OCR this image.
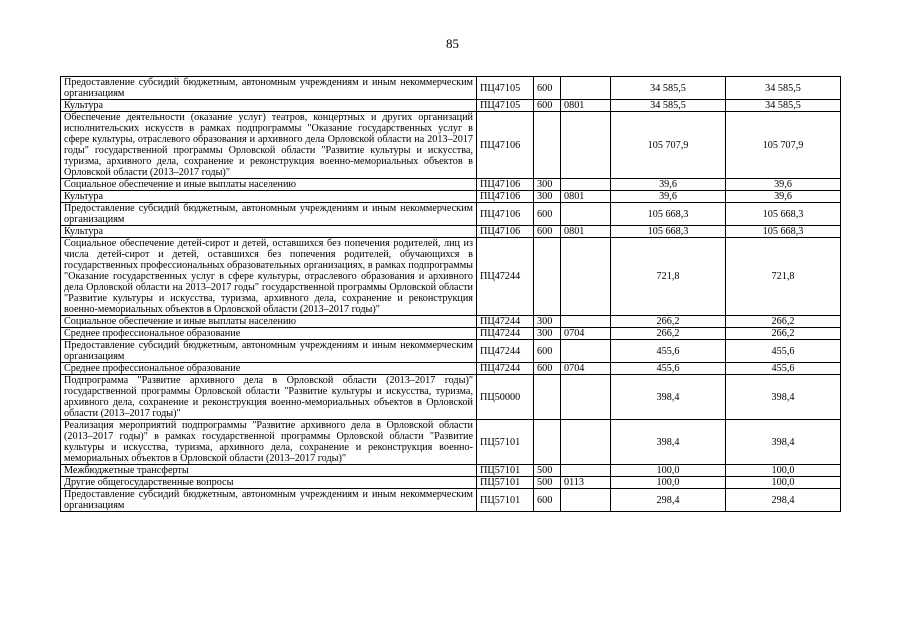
85
Предоставление субсидий бюджетным, автономным учреждениям и иным некоммерческим организациям	ПЦ47105	600		34 585,5	34 585,5
Культура	ПЦ47105	600	0801	34 585,5	34 585,5
Обеспечение деятельности (оказание услуг) театров, концертных и других организаций исполнительских искусств в рамках подпрограммы "Оказание государственных услуг в сфере культуры, отраслевого образования и архивного дела Орловской области на 2013–2017 годы" государственной программы Орловской области "Развитие культуры и искусства, туризма, архивного дела, сохранение и реконструкция военно-мемориальных объектов в Орловской области (2013–2017 годы)"	ПЦ47106			105 707,9	105 707,9
Социальное обеспечение и иные выплаты населению	ПЦ47106	300		39,6	39,6
Культура	ПЦ47106	300	0801	39,6	39,6
Предоставление субсидий бюджетным, автономным учреждениям и иным некоммерческим организациям	ПЦ47106	600		105 668,3	105 668,3
Культура	ПЦ47106	600	0801	105 668,3	105 668,3
Социальное обеспечение детей-сирот и детей, оставшихся без попечения родителей, лиц из числа детей-сирот и детей, оставшихся без попечения родителей, обучающихся в государственных профессиональных образовательных организациях, в рамках подпрограммы "Оказание государственных услуг в сфере культуры, отраслевого образования и архивного дела Орловской области на 2013–2017 годы" государственной программы Орловской области "Развитие культуры и искусства, туризма, архивного дела, сохранение и реконструкция военно-мемориальных объектов в Орловской области (2013–2017 годы)"	ПЦ47244			721,8	721,8
Социальное обеспечение и иные выплаты населению	ПЦ47244	300		266,2	266,2
Среднее профессиональное образование	ПЦ47244	300	0704	266,2	266,2
Предоставление субсидий бюджетным, автономным учреждениям и иным некоммерческим организациям	ПЦ47244	600		455,6	455,6
Среднее профессиональное образование	ПЦ47244	600	0704	455,6	455,6
Подпрограмма "Развитие архивного дела в Орловской области (2013–2017 годы)" государственной программы Орловской области "Развитие культуры и искусства, туризма, архивного дела, сохранение и реконструкция военно-мемориальных объектов в Орловской области (2013–2017 годы)"	ПЦ50000			398,4	398,4
Реализация мероприятий подпрограммы "Развитие архивного дела в Орловской области (2013–2017 годы)" в рамках государственной программы Орловской области "Развитие культуры и искусства, туризма, архивного дела, сохранение и реконструкция военно-мемориальных объектов в Орловской области (2013–2017 годы)"	ПЦ57101			398,4	398,4
Межбюджетные трансферты	ПЦ57101	500		100,0	100,0
Другие общегосударственные вопросы	ПЦ57101	500	0113	100,0	100,0
Предоставление субсидий бюджетным, автономным учреждениям и иным некоммерческим организациям	ПЦ57101	600		298,4	298,4
